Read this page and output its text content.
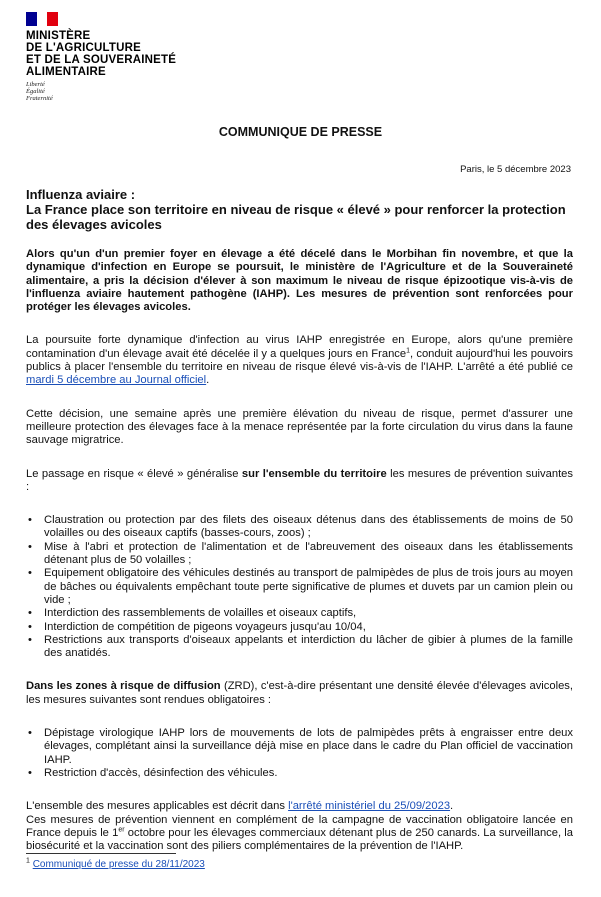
MINISTÈRE
DE L'AGRICULTURE
ET DE LA SOUVERAINETÉ
ALIMENTAIRE
Liberté
Égalité
Fraternité
COMMUNIQUE DE PRESSE
Paris, le 5 décembre 2023
Influenza aviaire :
La France place son territoire en niveau de risque « élevé » pour renforcer la protection des élevages avicoles

Alors qu'un d'un premier foyer en élevage a été décelé dans le Morbihan fin novembre, et que la dynamique d'infection en Europe se poursuit, le ministère de l'Agriculture et de la Souveraineté alimentaire, a pris la décision d'élever à son maximum le niveau de risque épizootique vis-à-vis de l'influenza aviaire hautement pathogène (IAHP). Les mesures de prévention sont renforcées pour protéger les élevages avicoles.

La poursuite forte dynamique d'infection au virus IAHP enregistrée en Europe, alors qu'une première contamination d'un élevage avait été décelée il y a quelques jours en France$^1$, conduit aujourd'hui les pouvoirs publics à placer l'ensemble du territoire en niveau de risque élevé vis-à-vis de l'IAHP. L'arrêté a été publié ce mardi 5 décembre au Journal officiel.

Cette décision, une semaine après une première élévation du niveau de risque, permet d'assurer une meilleure protection des élevages face à la menace représentée par la forte circulation du virus dans la faune sauvage migratrice.

Le passage en risque « élevé » généralise sur l'ensemble du territoire les mesures de prévention suivantes :

• Claustration ou protection par des filets des oiseaux détenus dans des établissements de moins de 50 volailles ou des oiseaux captifs (basses-cours, zoos) ;
• Mise à l'abri et protection de l'alimentation et de l'abreuvement des oiseaux dans les établissements détenant plus de 50 volailles ;
• Equipement obligatoire des véhicules destinés au transport de palmipèdes de plus de trois jours au moyen de bâches ou équivalents empêchant toute perte significative de plumes et duvets par un camion plein ou vide ;
• Interdiction des rassemblements de volailles et oiseaux captifs,
• Interdiction de compétition de pigeons voyageurs jusqu'au 10/04,
• Restrictions aux transports d'oiseaux appelants et interdiction du lâcher de gibier à plumes de la famille des anatidés.

Dans les zones à risque de diffusion (ZRD), c'est-à-dire présentant une densité élevée d'élevages avicoles, les mesures suivantes sont rendues obligatoires :

• Dépistage virologique IAHP lors de mouvements de lots de palmipèdes prêts à engraisser entre deux élevages, complétant ainsi la surveillance déjà mise en place dans le cadre du Plan officiel de vaccination IAHP.
• Restriction d'accès, désinfection des véhicules.

L'ensemble des mesures applicables est décrit dans l'arrêté ministériel du 25/09/2023.

Ces mesures de prévention viennent en complément de la campagne de vaccination obligatoire lancée en France depuis le 1er octobre pour les élevages commerciaux détenant plus de 250 canards. La surveillance, la biosécurité et la vaccination sont des piliers complémentaires de la prévention de l'IAHP.

$^1$ Communiqué de presse du 28/11/2023
